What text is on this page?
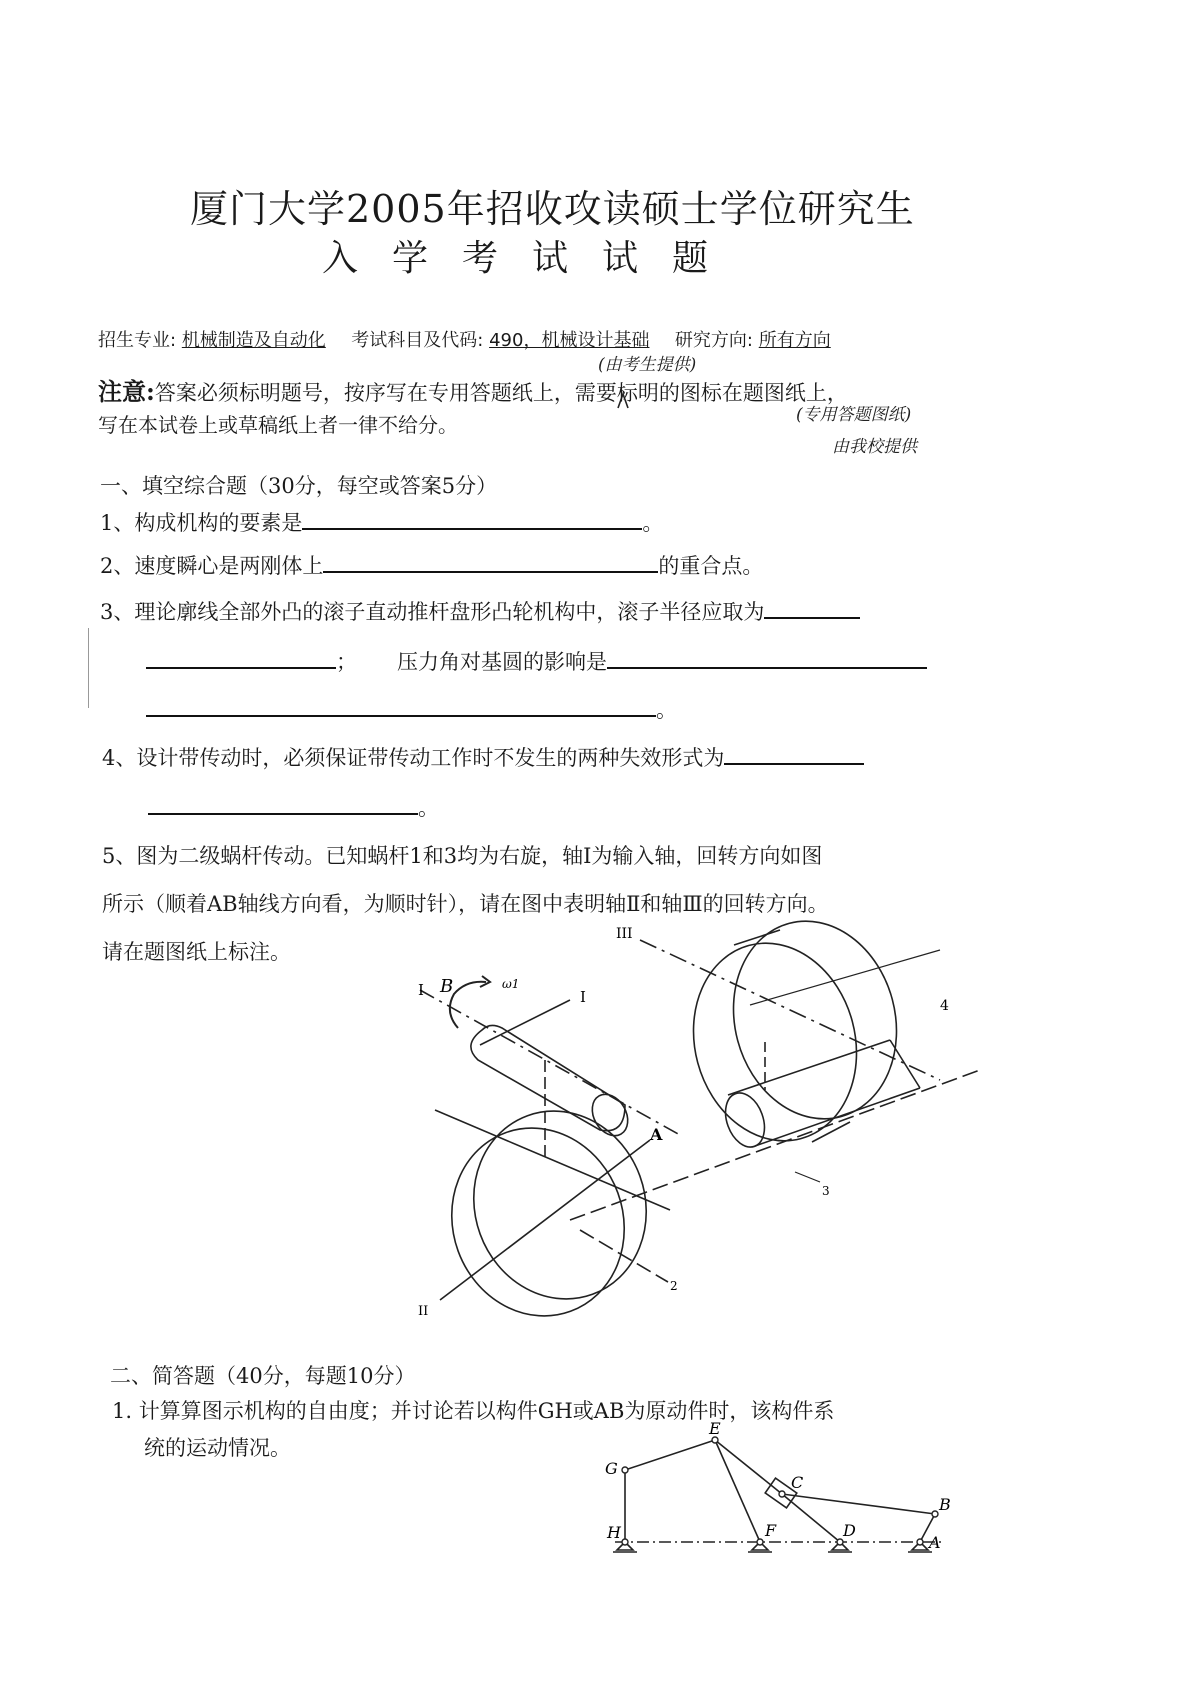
厦门大学2005年招收攻读硕士学位研究生
入学考试试题
招生专业: 机械制造及自动化 考试科目及代码: 490，机械设计基础 研究方向: 所有方向
(由考生提供)
(专用答题图纸)
由我校提供
注意:答案必须标明题号，按序写在专用答题纸上，需要标明的图标在题图纸上，
写在本试卷上或草稿纸上者一律不给分。
一、填空综合题（30分，每空或答案5分）
1、构成机构的要素是	。
2、速度瞬心是两刚体上	的重合点。
3、理论廓线全部外凸的滚子直动推杆盘形凸轮机构中，滚子半径应取为
； 压力角对基圆的影响是
。
4、设计带传动时，必须保证带传动工作时不发生的两种失效形式为
。
5、图为二级蜗杆传动。已知蜗杆1和3均为右旋，轴I为输入轴，回转方向如图
所示（顺着AB轴线方向看，为顺时针），请在图中表明轴Ⅱ和轴Ⅲ的回转方向。
请在题图纸上标注。
III
4
I B	ω1
I
3
A
2
II
二、简答题（40分，每题10分）
1. 计算算图示机构的自由度；并讨论若以构件GH或AB为原动件时，该构件系
统的运动情况。
E
G
C
B
H	F	D
A
